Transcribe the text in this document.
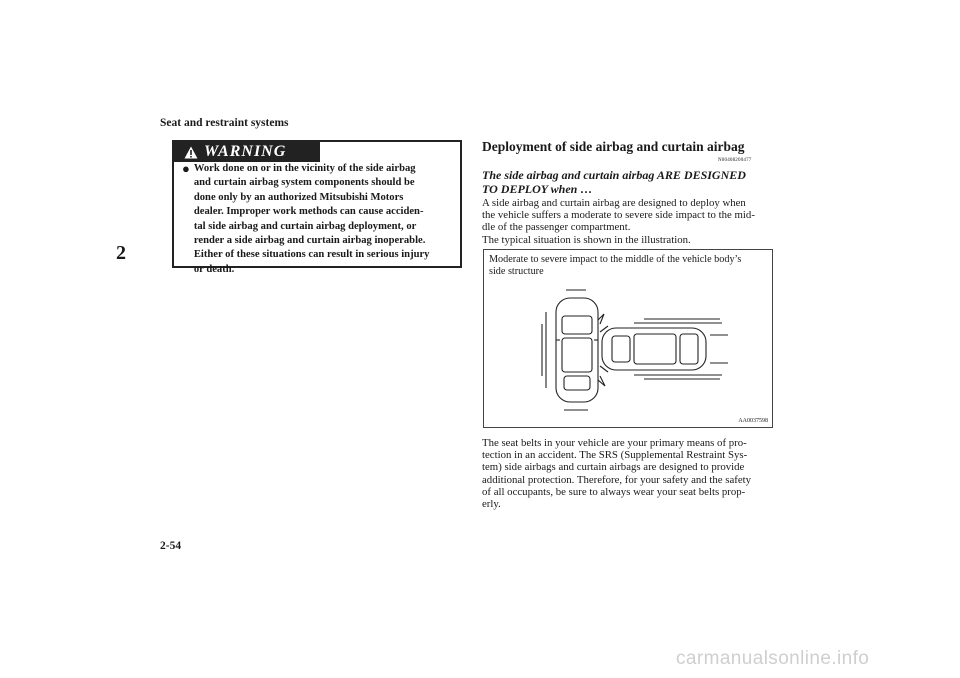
Seat and restraint systems
2
WARNING
● Work done on or in the vicinity of the side airbag
and curtain airbag system components should be
done only by an authorized Mitsubishi Motors
dealer. Improper work methods can cause acciden-
tal side airbag and curtain airbag deployment, or
render a side airbag and curtain airbag inoperable.
Either of these situations can result in serious injury
or death.
Deployment of side airbag and curtain airbag
N00408200477
The side airbag and curtain airbag ARE DESIGNED
TO DEPLOY when …
A side airbag and curtain airbag are designed to deploy when
the vehicle suffers a moderate to severe side impact to the mid-
dle of the passenger compartment.
The typical situation is shown in the illustration.
Moderate to severe impact to the middle of the vehicle body’s
side structure
AA0037598
The seat belts in your vehicle are your primary means of pro-
tection in an accident. The SRS (Supplemental Restraint Sys-
tem) side airbags and curtain airbags are designed to provide
additional protection. Therefore, for your safety and the safety
of all occupants, be sure to always wear your seat belts prop-
erly.
2-54
carmanualsonline.info
